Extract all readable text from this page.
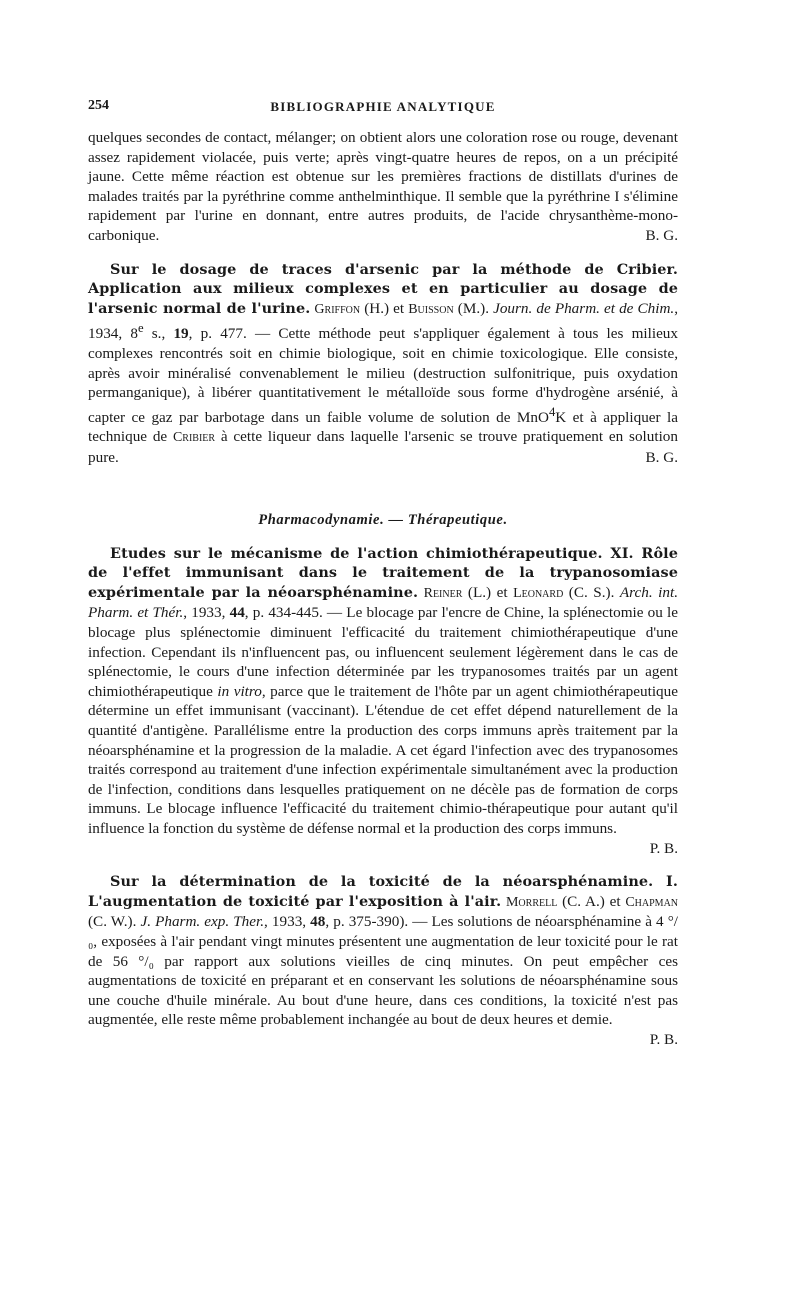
254	BIBLIOGRAPHIE ANALYTIQUE

quelques secondes de contact, mélanger; on obtient alors une coloration rose ou rouge, devenant assez rapidement violacée, puis verte; après vingt-quatre heures de repos, on a un précipité jaune. Cette même réaction est obtenue sur les premières fractions de distillats d'urines de malades traités par la pyréthrine comme anthelminthique. Il semble que la pyréthrine I s'élimine rapidement par l'urine en donnant, entre autres produits, de l'acide chrysanthème-mono-carbonique.	B. G.

Sur le dosage de traces d'arsenic par la méthode de Cribier. Application aux milieux complexes et en particulier au dosage de l'arsenic normal de l'urine. Griffon (H.) et Buisson (M.). Journ. de Pharm. et de Chim., 1934, 8e s., 19, p. 477. — Cette méthode peut s'appliquer également à tous les milieux complexes rencontrés soit en chimie biologique, soit en chimie toxicologique. Elle consiste, après avoir minéralisé convenablement le milieu (destruction sulfonitrique, puis oxydation permanganique), à libérer quantitativement le métalloïde sous forme d'hydrogène arsénié, à capter ce gaz par barbotage dans un faible volume de solution de MnO$^4$K et à appliquer la technique de Cribier à cette liqueur dans laquelle l'arsenic se trouve pratiquement en solution pure.	B. G.

Pharmacodynamie. — Thérapeutique.

Etudes sur le mécanisme de l'action chimiothérapeutique. XI. Rôle de l'effet immunisant dans le traitement de la trypanosomiase expérimentale par la néoarsphénamine. Reiner (L.) et Leonard (C. S.). Arch. int. Pharm. et Thér., 1933, 44, p. 434-445. — Le blocage par l'encre de Chine, la splénectomie ou le blocage plus splénectomie diminuent l'efficacité du traitement chimiothérapeutique d'une infection. Cependant ils n'influencent pas, ou influencent seulement légèrement dans le cas de splénectomie, le cours d'une infection déterminée par les trypanosomes traités par un agent chimiothérapeutique in vitro, parce que le traitement de l'hôte par un agent chimiothérapeutique détermine un effet immunisant (vaccinant). L'étendue de cet effet dépend naturellement de la quantité d'antigène. Parallélisme entre la production des corps immuns après traitement par la néoarsphénamine et la progression de la maladie. A cet égard l'infection avec des trypanosomes traités correspond au traitement d'une infection expérimentale simultanément avec la production de l'infection, conditions dans lesquelles pratiquement on ne décèle pas de formation de corps immuns. Le blocage influence l'efficacité du traitement chimio-thérapeutique pour autant qu'il influence la fonction du système de défense normal et la production des corps immuns.
P. B.

Sur la détermination de la toxicité de la néoarsphénamine. I. L'augmentation de toxicité par l'exposition à l'air. Morrell (C. A.) et Chapman (C. W.). J. Pharm. exp. Ther., 1933, 48, p. 375-390). — Les solutions de néoarsphénamine à 4 °/₀, exposées à l'air pendant vingt minutes présentent une augmentation de leur toxicité pour le rat de 56 °/₀ par rapport aux solutions vieilles de cinq minutes. On peut empêcher ces augmentations de toxicité en préparant et en conservant les solutions de néoarsphénamine sous une couche d'huile minérale. Au bout d'une heure, dans ces conditions, la toxicité n'est pas augmentée, elle reste même probablement inchangée au bout de deux heures et demie.
P. B.
